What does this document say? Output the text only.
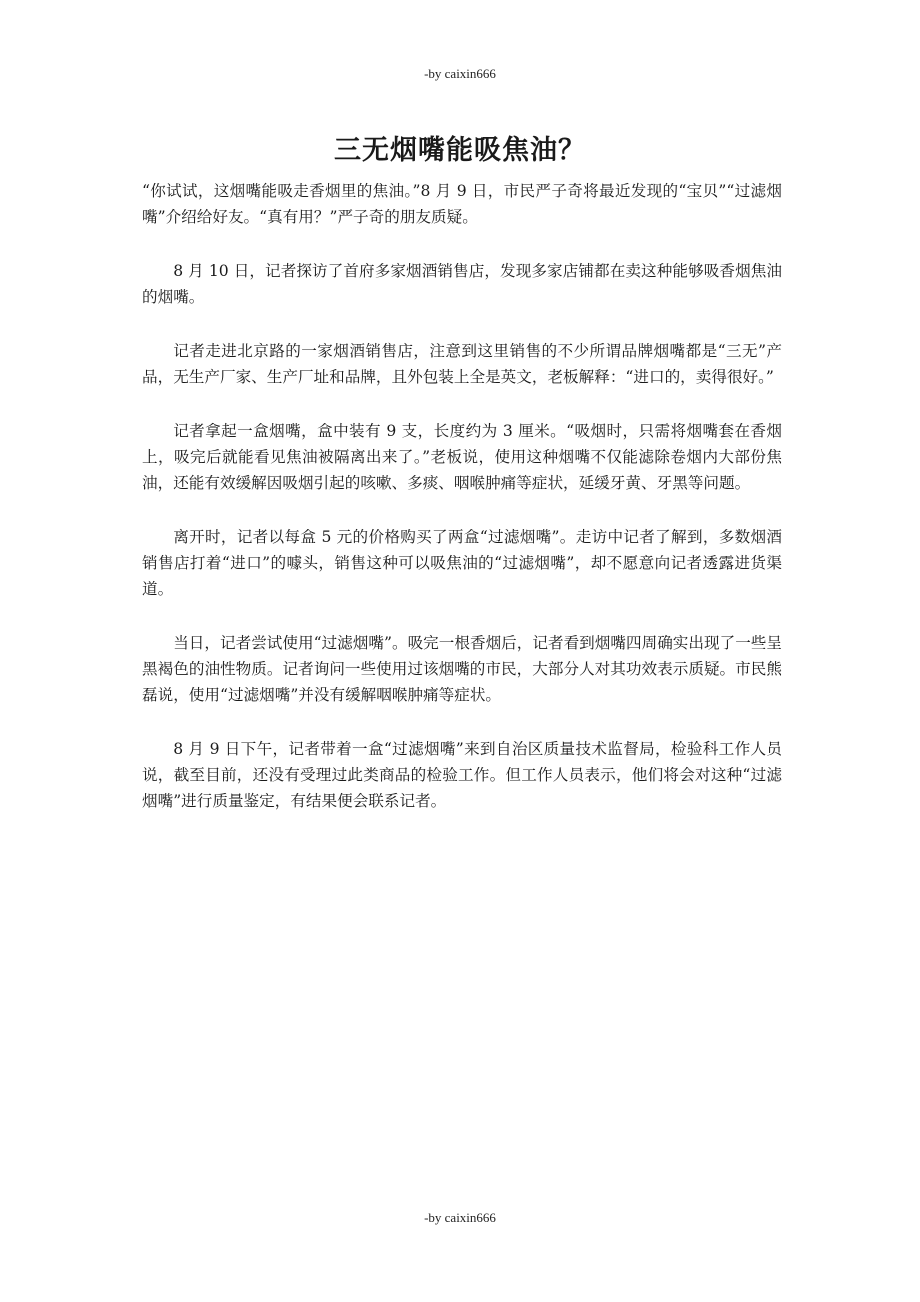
-by caixin666
三无烟嘴能吸焦油？

“你试试，这烟嘴能吸走香烟里的焦油。”8 月 9 日，市民严子奇将最近发现的“宝贝”“过滤烟嘴”介绍给好友。“真有用？”严子奇的朋友质疑。

8 月 10 日，记者探访了首府多家烟酒销售店，发现多家店铺都在卖这种能够吸香烟焦油的烟嘴。

记者走进北京路的一家烟酒销售店，注意到这里销售的不少所谓品牌烟嘴都是“三无”产品，无生产厂家、生产厂址和品牌，且外包装上全是英文，老板解释：“进口的，卖得很好。”

记者拿起一盒烟嘴，盒中装有 9 支，长度约为 3 厘米。“吸烟时，只需将烟嘴套在香烟上，吸完后就能看见焦油被隔离出来了。”老板说，使用这种烟嘴不仅能滤除卷烟内大部份焦油，还能有效缓解因吸烟引起的咳嗽、多痰、咽喉肿痛等症状，延缓牙黄、牙黑等问题。

离开时，记者以每盒 5 元的价格购买了两盒“过滤烟嘴”。走访中记者了解到，多数烟酒销售店打着“进口”的噱头，销售这种可以吸焦油的“过滤烟嘴”，却不愿意向记者透露进货渠道。

当日，记者尝试使用“过滤烟嘴”。吸完一根香烟后，记者看到烟嘴四周确实出现了一些呈黑褐色的油性物质。记者询问一些使用过该烟嘴的市民，大部分人对其功效表示质疑。市民熊磊说，使用“过滤烟嘴”并没有缓解咽喉肿痛等症状。

8 月 9 日下午，记者带着一盒“过滤烟嘴”来到自治区质量技术监督局，检验科工作人员说，截至目前，还没有受理过此类商品的检验工作。但工作人员表示，他们将会对这种“过滤烟嘴”进行质量鉴定，有结果便会联系记者。

-by caixin666
